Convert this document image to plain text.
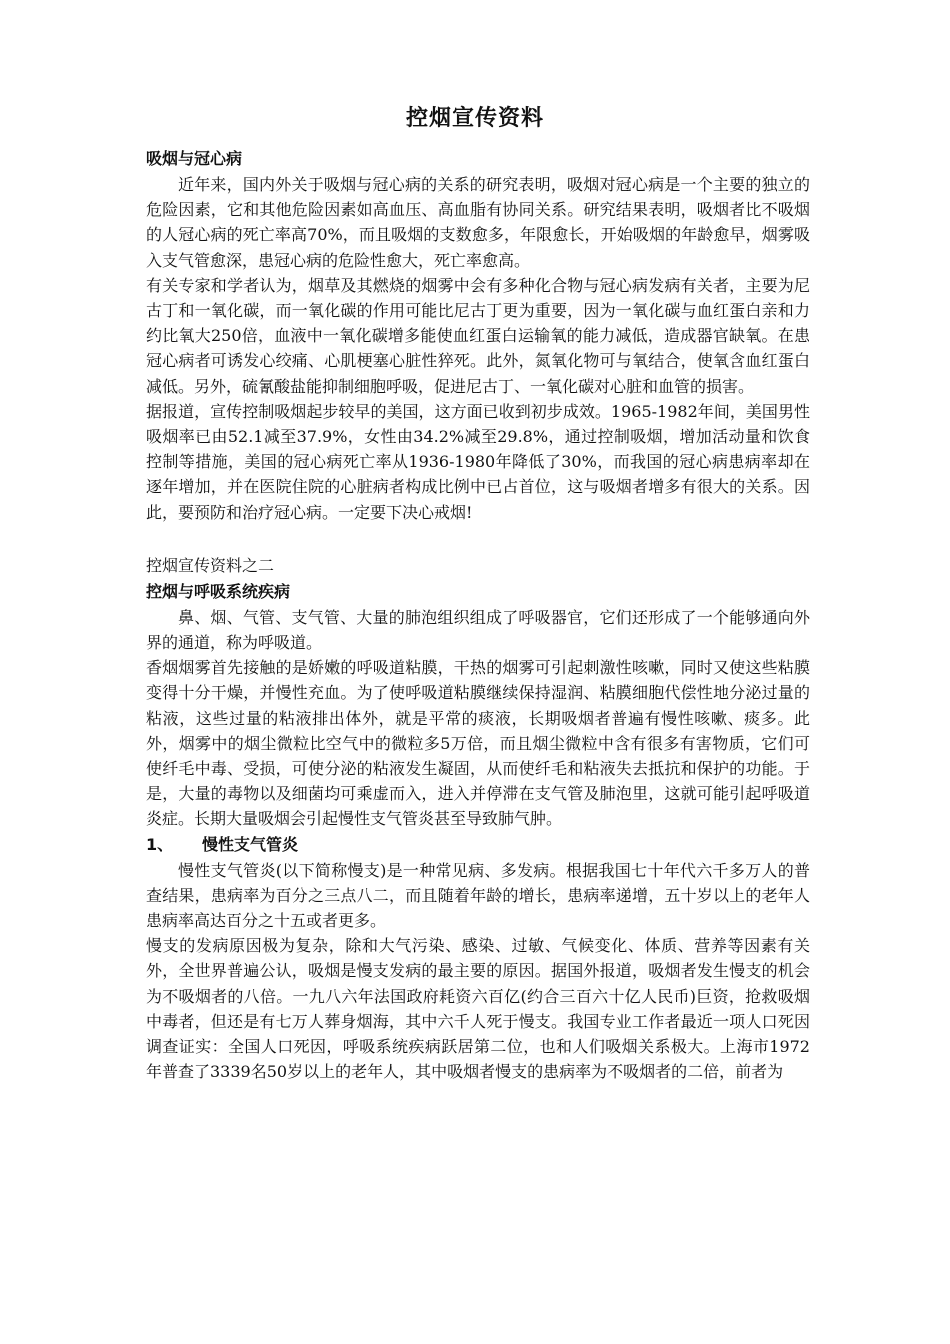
控烟宣传资料
吸烟与冠心病

近年来，国内外关于吸烟与冠心病的关系的研究表明，吸烟对冠心病是一个主要的独立的危险因素，它和其他危险因素如高血压、高血脂有协同关系。研究结果表明，吸烟者比不吸烟的人冠心病的死亡率高70%，而且吸烟的支数愈多，年限愈长，开始吸烟的年龄愈早，烟雾吸入支气管愈深，患冠心病的危险性愈大，死亡率愈高。

有关专家和学者认为，烟草及其燃烧的烟雾中会有多种化合物与冠心病发病有关者，主要为尼古丁和一氧化碳，而一氧化碳的作用可能比尼古丁更为重要，因为一氧化碳与血红蛋白亲和力约比氧大250倍，血液中一氧化碳增多能使血红蛋白运输氧的能力减低，造成器官缺氧。在患冠心病者可诱发心绞痛、心肌梗塞心脏性猝死。此外，氮氧化物可与氧结合，使氧含血红蛋白减低。另外，硫氰酸盐能抑制细胞呼吸，促进尼古丁、一氧化碳对心脏和血管的损害。

据报道，宣传控制吸烟起步较早的美国，这方面已收到初步成效。1965-1982年间，美国男性吸烟率已由52.1减至37.9%，女性由34.2%减至29.8%，通过控制吸烟，增加活动量和饮食控制等措施，美国的冠心病死亡率从1936-1980年降低了30%，而我国的冠心病患病率却在逐年增加，并在医院住院的心脏病者构成比例中已占首位，这与吸烟者增多有很大的关系。因此，要预防和治疗冠心病。一定要下决心戒烟!

控烟宣传资料之二
控烟与呼吸系统疾病

鼻、烟、气管、支气管、大量的肺泡组织组成了呼吸器官，它们还形成了一个能够通向外界的通道，称为呼吸道。

香烟烟雾首先接触的是娇嫩的呼吸道粘膜，干热的烟雾可引起刺激性咳嗽，同时又使这些粘膜变得十分干燥，并慢性充血。为了使呼吸道粘膜继续保持湿润、粘膜细胞代偿性地分泌过量的粘液，这些过量的粘液排出体外，就是平常的痰液，长期吸烟者普遍有慢性咳嗽、痰多。此外，烟雾中的烟尘微粒比空气中的微粒多5万倍，而且烟尘微粒中含有很多有害物质，它们可使纤毛中毒、受损，可使分泌的粘液发生凝固，从而使纤毛和粘液失去抵抗和保护的功能。于是，大量的毒物以及细菌均可乘虚而入，进入并停滞在支气管及肺泡里，这就可能引起呼吸道炎症。长期大量吸烟会引起慢性支气管炎甚至导致肺气肿。

1、	慢性支气管炎

慢性支气管炎(以下简称慢支)是一种常见病、多发病。根据我国七十年代六千多万人的普查结果，患病率为百分之三点八二，而且随着年龄的增长，患病率递增，五十岁以上的老年人患病率高达百分之十五或者更多。

慢支的发病原因极为复杂，除和大气污染、感染、过敏、气候变化、体质、营养等因素有关外，全世界普遍公认，吸烟是慢支发病的最主要的原因。据国外报道，吸烟者发生慢支的机会为不吸烟者的八倍。一九八六年法国政府耗资六百亿(约合三百六十亿人民币)巨资，抢救吸烟中毒者，但还是有七万人葬身烟海，其中六千人死于慢支。我国专业工作者最近一项人口死因调查证实：全国人口死因，呼吸系统疾病跃居第二位，也和人们吸烟关系极大。上海市1972年普查了3339名50岁以上的老年人，其中吸烟者慢支的患病率为不吸烟者的二倍，前者为
